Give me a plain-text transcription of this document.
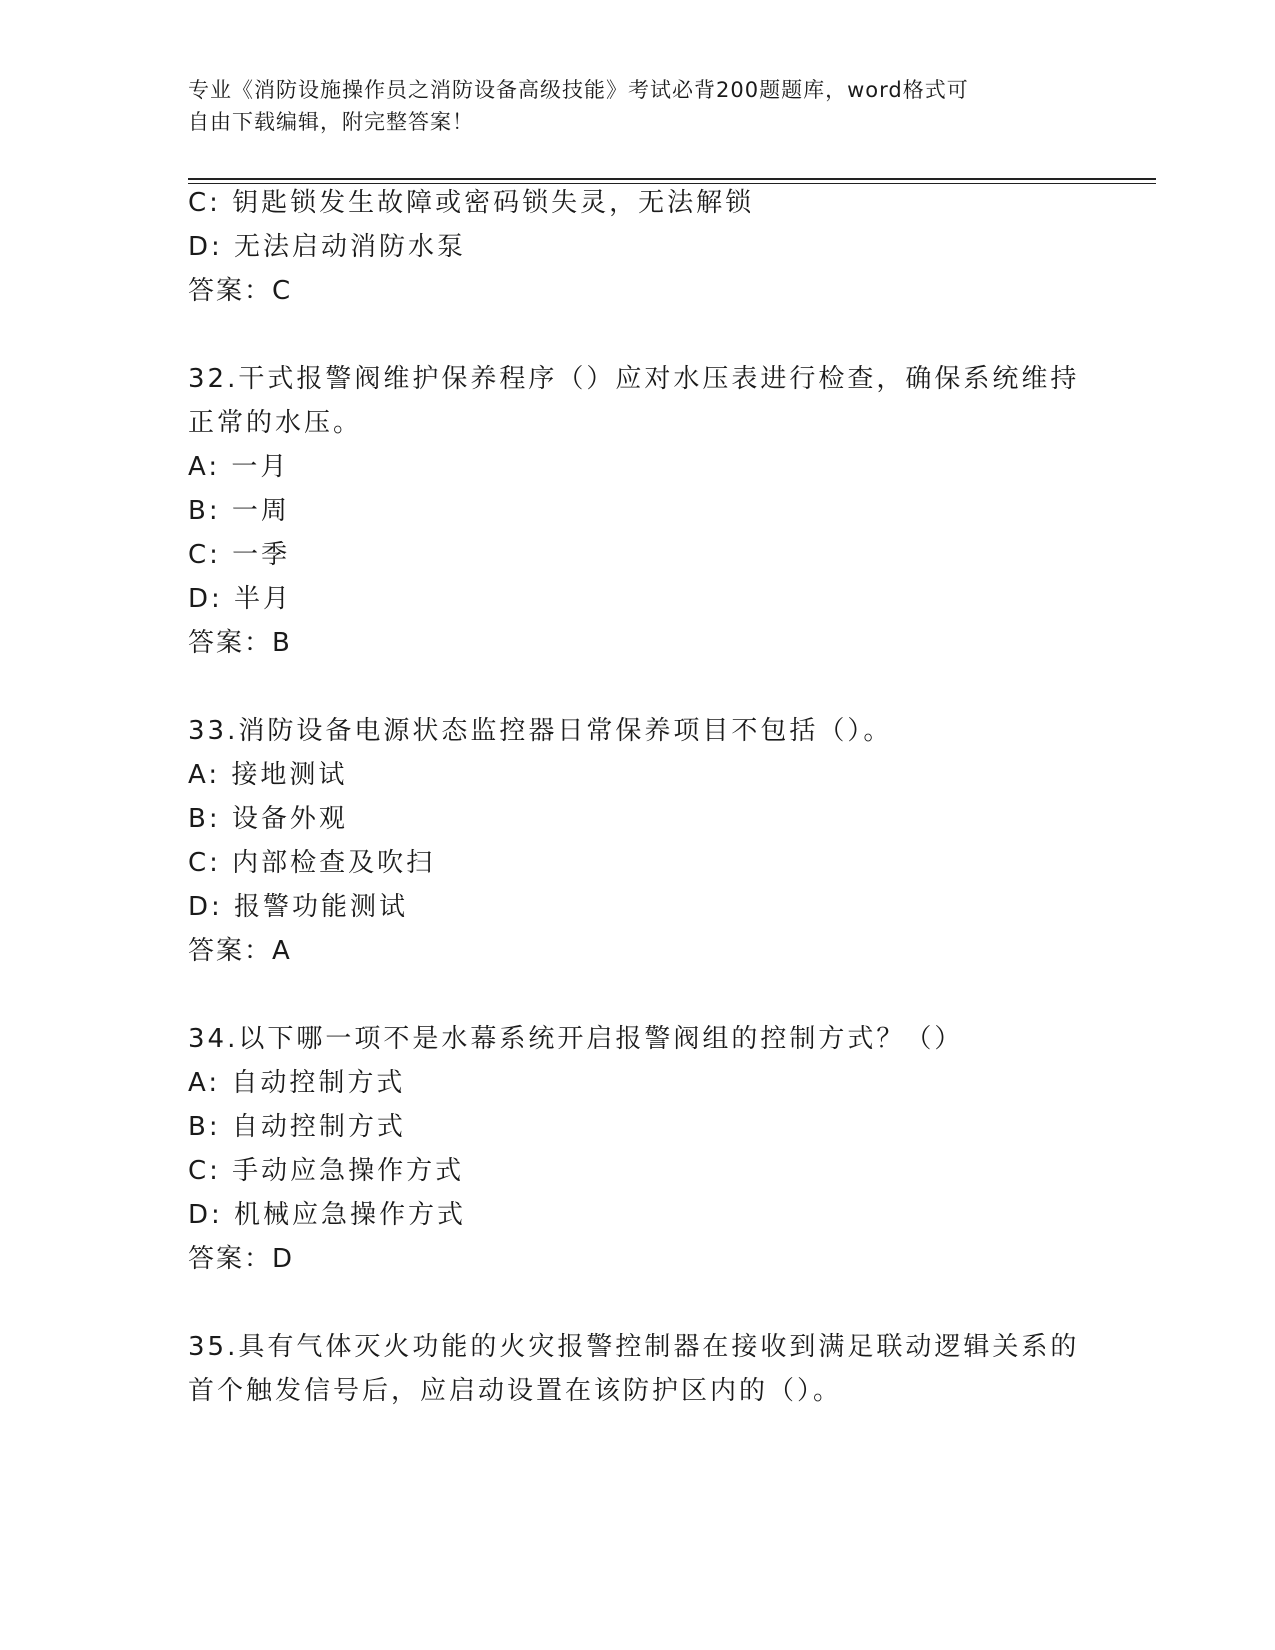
专业《消防设施操作员之消防设备高级技能》考试必背200题题库，word格式可
自由下载编辑，附完整答案！
C: 钥匙锁发生故障或密码锁失灵，无法解锁
D: 无法启动消防水泵
答案：C
32.干式报警阀维护保养程序（）应对水压表进行检查，确保系统维持
正常的水压。
A: 一月
B: 一周
C: 一季
D: 半月
答案：B
33.消防设备电源状态监控器日常保养项目不包括（）。
A: 接地测试
B: 设备外观
C: 内部检查及吹扫
D: 报警功能测试
答案：A
34.以下哪一项不是水幕系统开启报警阀组的控制方式？（）
A: 自动控制方式
B: 自动控制方式
C: 手动应急操作方式
D: 机械应急操作方式
答案：D
35.具有气体灭火功能的火灾报警控制器在接收到满足联动逻辑关系的
首个触发信号后，应启动设置在该防护区内的（）。
